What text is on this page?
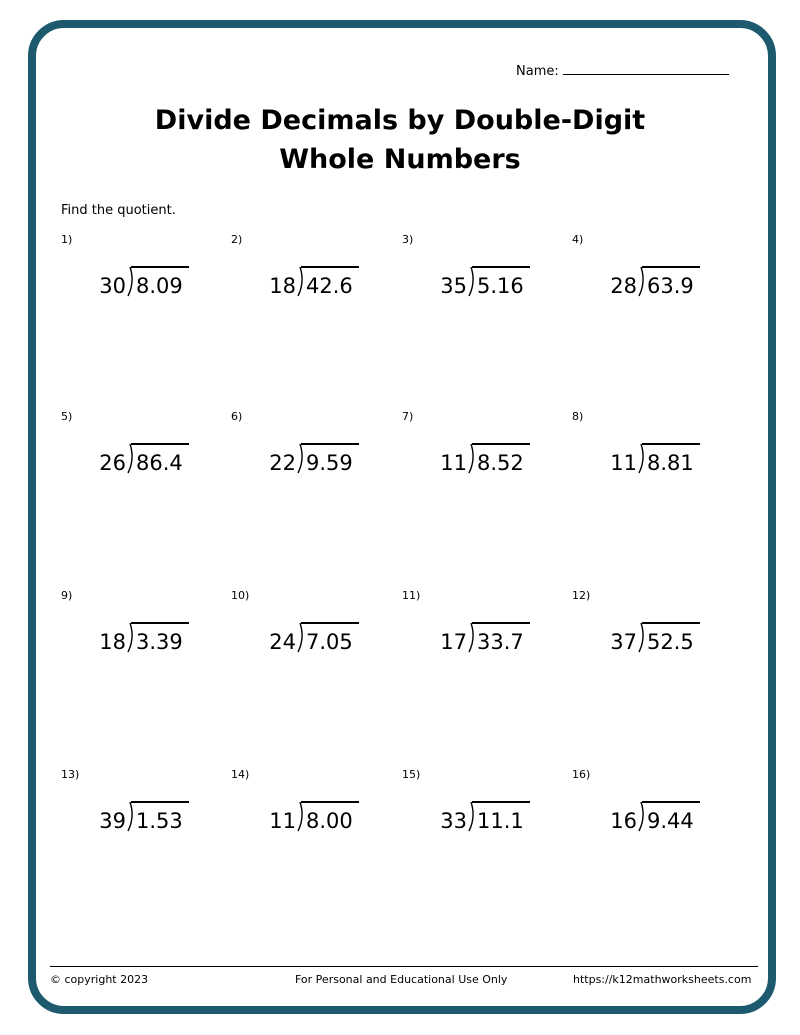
Name:
Divide Decimals by Double-Digit
Whole Numbers
Find the quotient.
1)
30 8.09
2)
18 42.6
3)
35 5.16
4)
28 63.9
5)
26 86.4
6)
22 9.59
7)
11 8.52
8)
11 8.81
9)
18 3.39
10)
24 7.05
11)
17 33.7
12)
37 52.5
13)
39 1.53
14)
11 8.00
15)
33 11.1
16)
16 9.44
© copyright 2023	For Personal and Educational Use Only	https://k12mathworksheets.com
